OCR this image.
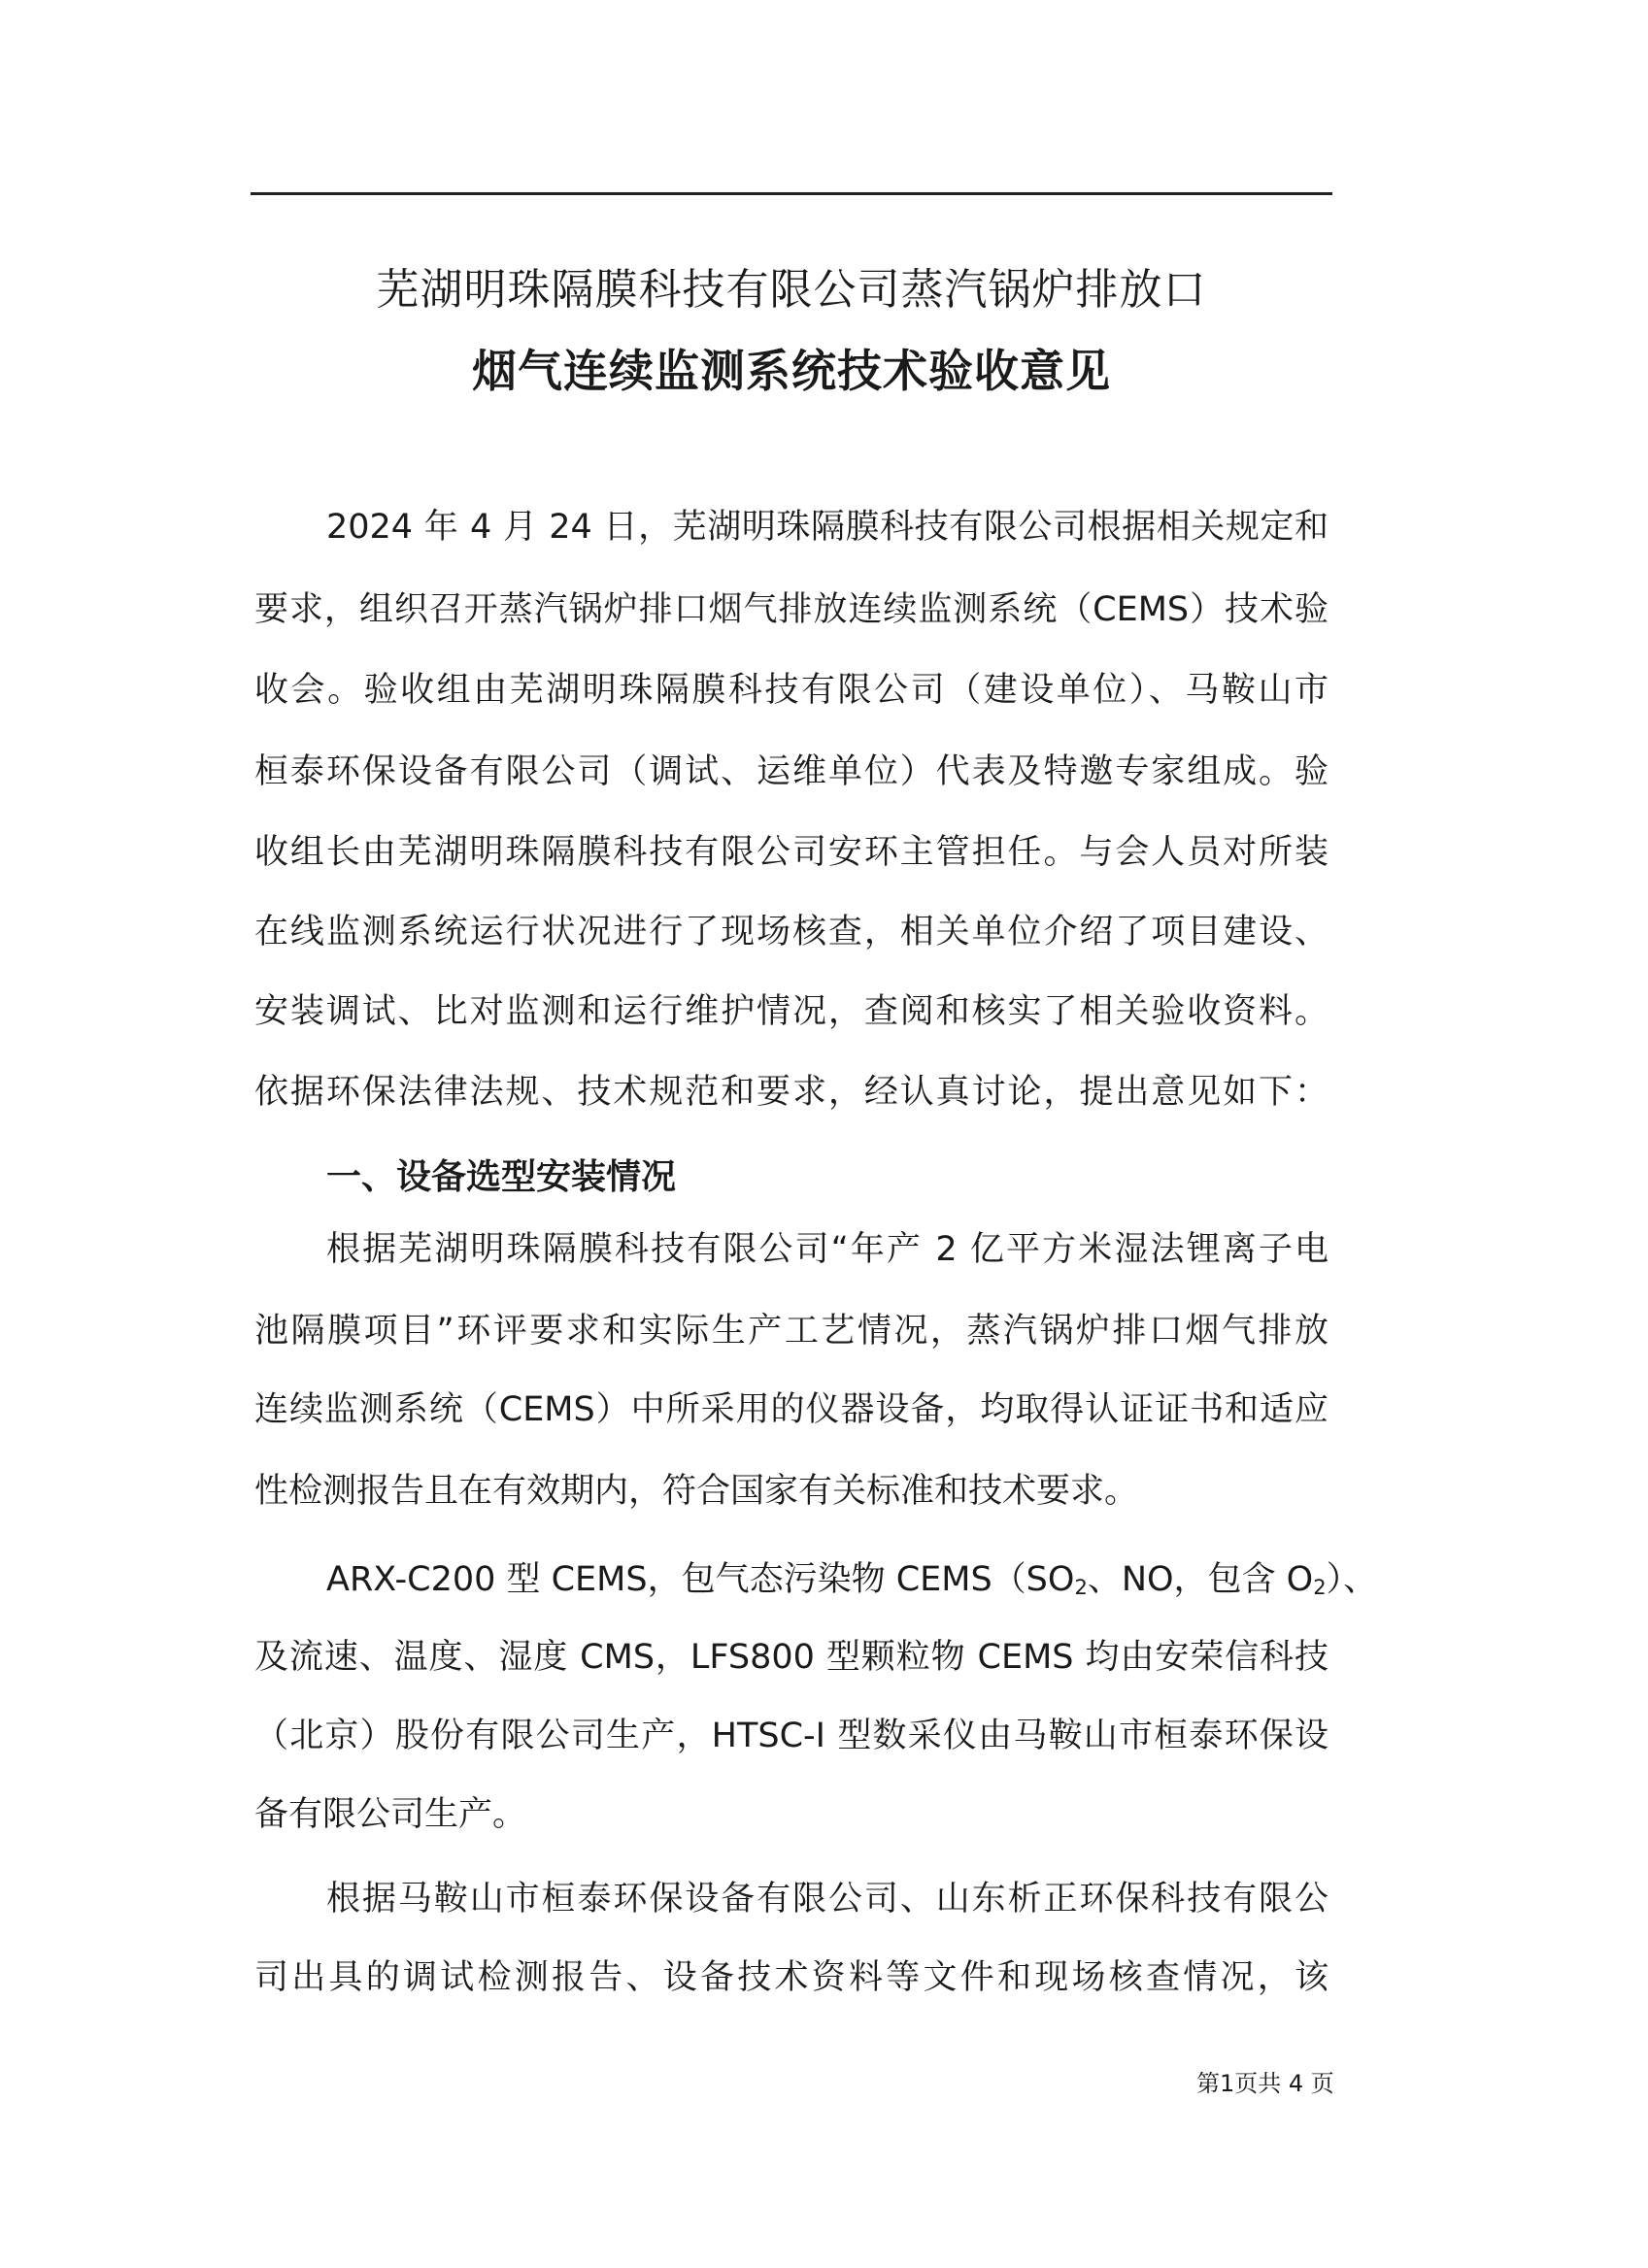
芜湖明珠隔膜科技有限公司蒸汽锅炉排放口
烟气连续监测系统技术验收意见
2024 年 4 月 24 日，芜湖明珠隔膜科技有限公司根据相关规定和
要求，组织召开蒸汽锅炉排口烟气排放连续监测系统（CEMS）技术验
收会。验收组由芜湖明珠隔膜科技有限公司（建设单位）、马鞍山市
桓泰环保设备有限公司（调试、运维单位）代表及特邀专家组成。验
收组长由芜湖明珠隔膜科技有限公司安环主管担任。与会人员对所装
在线监测系统运行状况进行了现场核查，相关单位介绍了项目建设、
安装调试、比对监测和运行维护情况，查阅和核实了相关验收资料。
依据环保法律法规、技术规范和要求，经认真讨论，提出意见如下：
一、设备选型安装情况
根据芜湖明珠隔膜科技有限公司“年产 2 亿平方米湿法锂离子电
池隔膜项目”环评要求和实际生产工艺情况，蒸汽锅炉排口烟气排放
连续监测系统（CEMS）中所采用的仪器设备，均取得认证证书和适应
性检测报告且在有效期内，符合国家有关标准和技术要求。
ARX-C200 型 CEMS，包气态污染物 $CEMS(SO_2$、NO，包含 $O_2$）、
及流速、温度、湿度 CMS，LFS800 型颗粒物 CEMS 均由安荣信科技
（北京）股份有限公司生产，HTSC-I 型数采仪由马鞍山市桓泰环保设
备有限公司生产。
根据马鞍山市桓泰环保设备有限公司、山东析正环保科技有限公
司出具的调试检测报告、设备技术资料等文件和现场核查情况，该
第1页共 4 页
